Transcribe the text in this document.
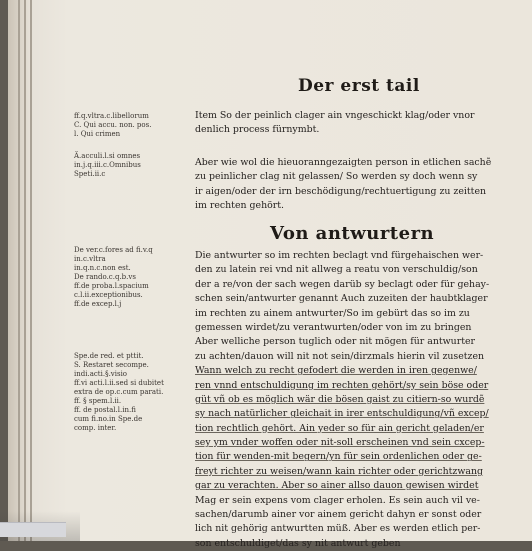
Der erst tail
Von antwurtern
ff.q.vltra.c.libellorum
C. Qui accu. non. pos.
l. Qui crimen
Ä.acculi.l.si omnes
in.j.q.iii.c.Omnibus
Speti.ii.c
De ver.c.fores ad fi.v.q
in.c.vltra
in.q.n.c.non est.
De rando.c.q.b.vs
ff.de proba.l.spacium
c.l.ii.exceptionibus.
ff.de excep.l.j
Spe.de red. et pttit.
S. Restaret secompe.
indi.acti.§.visio
ff.vi acti.l.ii.sed si dubitet
extra de op.c.cum parati.
ff. § spem.l.ii.
ff. de postal.l.in.fi
cum fi.no.in Spe.de
comp. inter.
Item So der peinlich clager ain vngeschickt klag/oder vnor
denlich process fürnymbt.
Aber wie wol die hieuoranngezaigten person in etlichen sachẽ
zu peinlicher clag nit gelassen/ So werden sy doch wenn sy
ir aigen/oder der irn beschödigung/rechtuertigung zu zeitten
im rechten gehört.
Die antwurter so im rechten beclagt vnd fürgehaischen wer-
den zu latein rei vnd nit allweg a reatu von verschuldig/son
der a re/von der sach wegen darüb sy beclagt oder für gehay-
schen sein/antwurter genannt Auch zuzeiten der haubtklager
im rechten zu ainem antwurter/So im gebürt das so im zu
gemessen wirdet/zu verantwurten/oder von im zu bringen
Aber welliche person tuglich oder nit mögen für antwurter
zu achten/dauon will nit not sein/dirzmals hierin vil zusetzen
Wann welch zu recht gefodert die werden in iren gegenwe/
ren vnnd entschuldigung im rechten gehört/sy sein böse oder
güt vñ ob es möglich wär die bösen gaist zu citiern-so wurdẽ
sy nach natürlicher gleichait in irer entschuldigung/vñ excep/
tion rechtlich gehört. Ain yeder so für ain gericht geladen/er
sey ym vnder woffen oder nit-soll erscheinen vnd sein cxcep-
tion für wenden-mit begern/yn für sein ordenlichen oder ge-
freyt richter zu weisen/wann kain richter oder gerichtzwang
gar zu verachten. Aber so ainer allso dauon gewisen wirdet
Mag er sein expens vom clager erholen. Es sein auch vil ve-
sachen/darumb ainer vor ainem gericht dahyn er sonst oder
lich nit gehörig antwurtten müß. Aber es werden etlich per-
son entschuldiget/das sy nit antwurt geben
